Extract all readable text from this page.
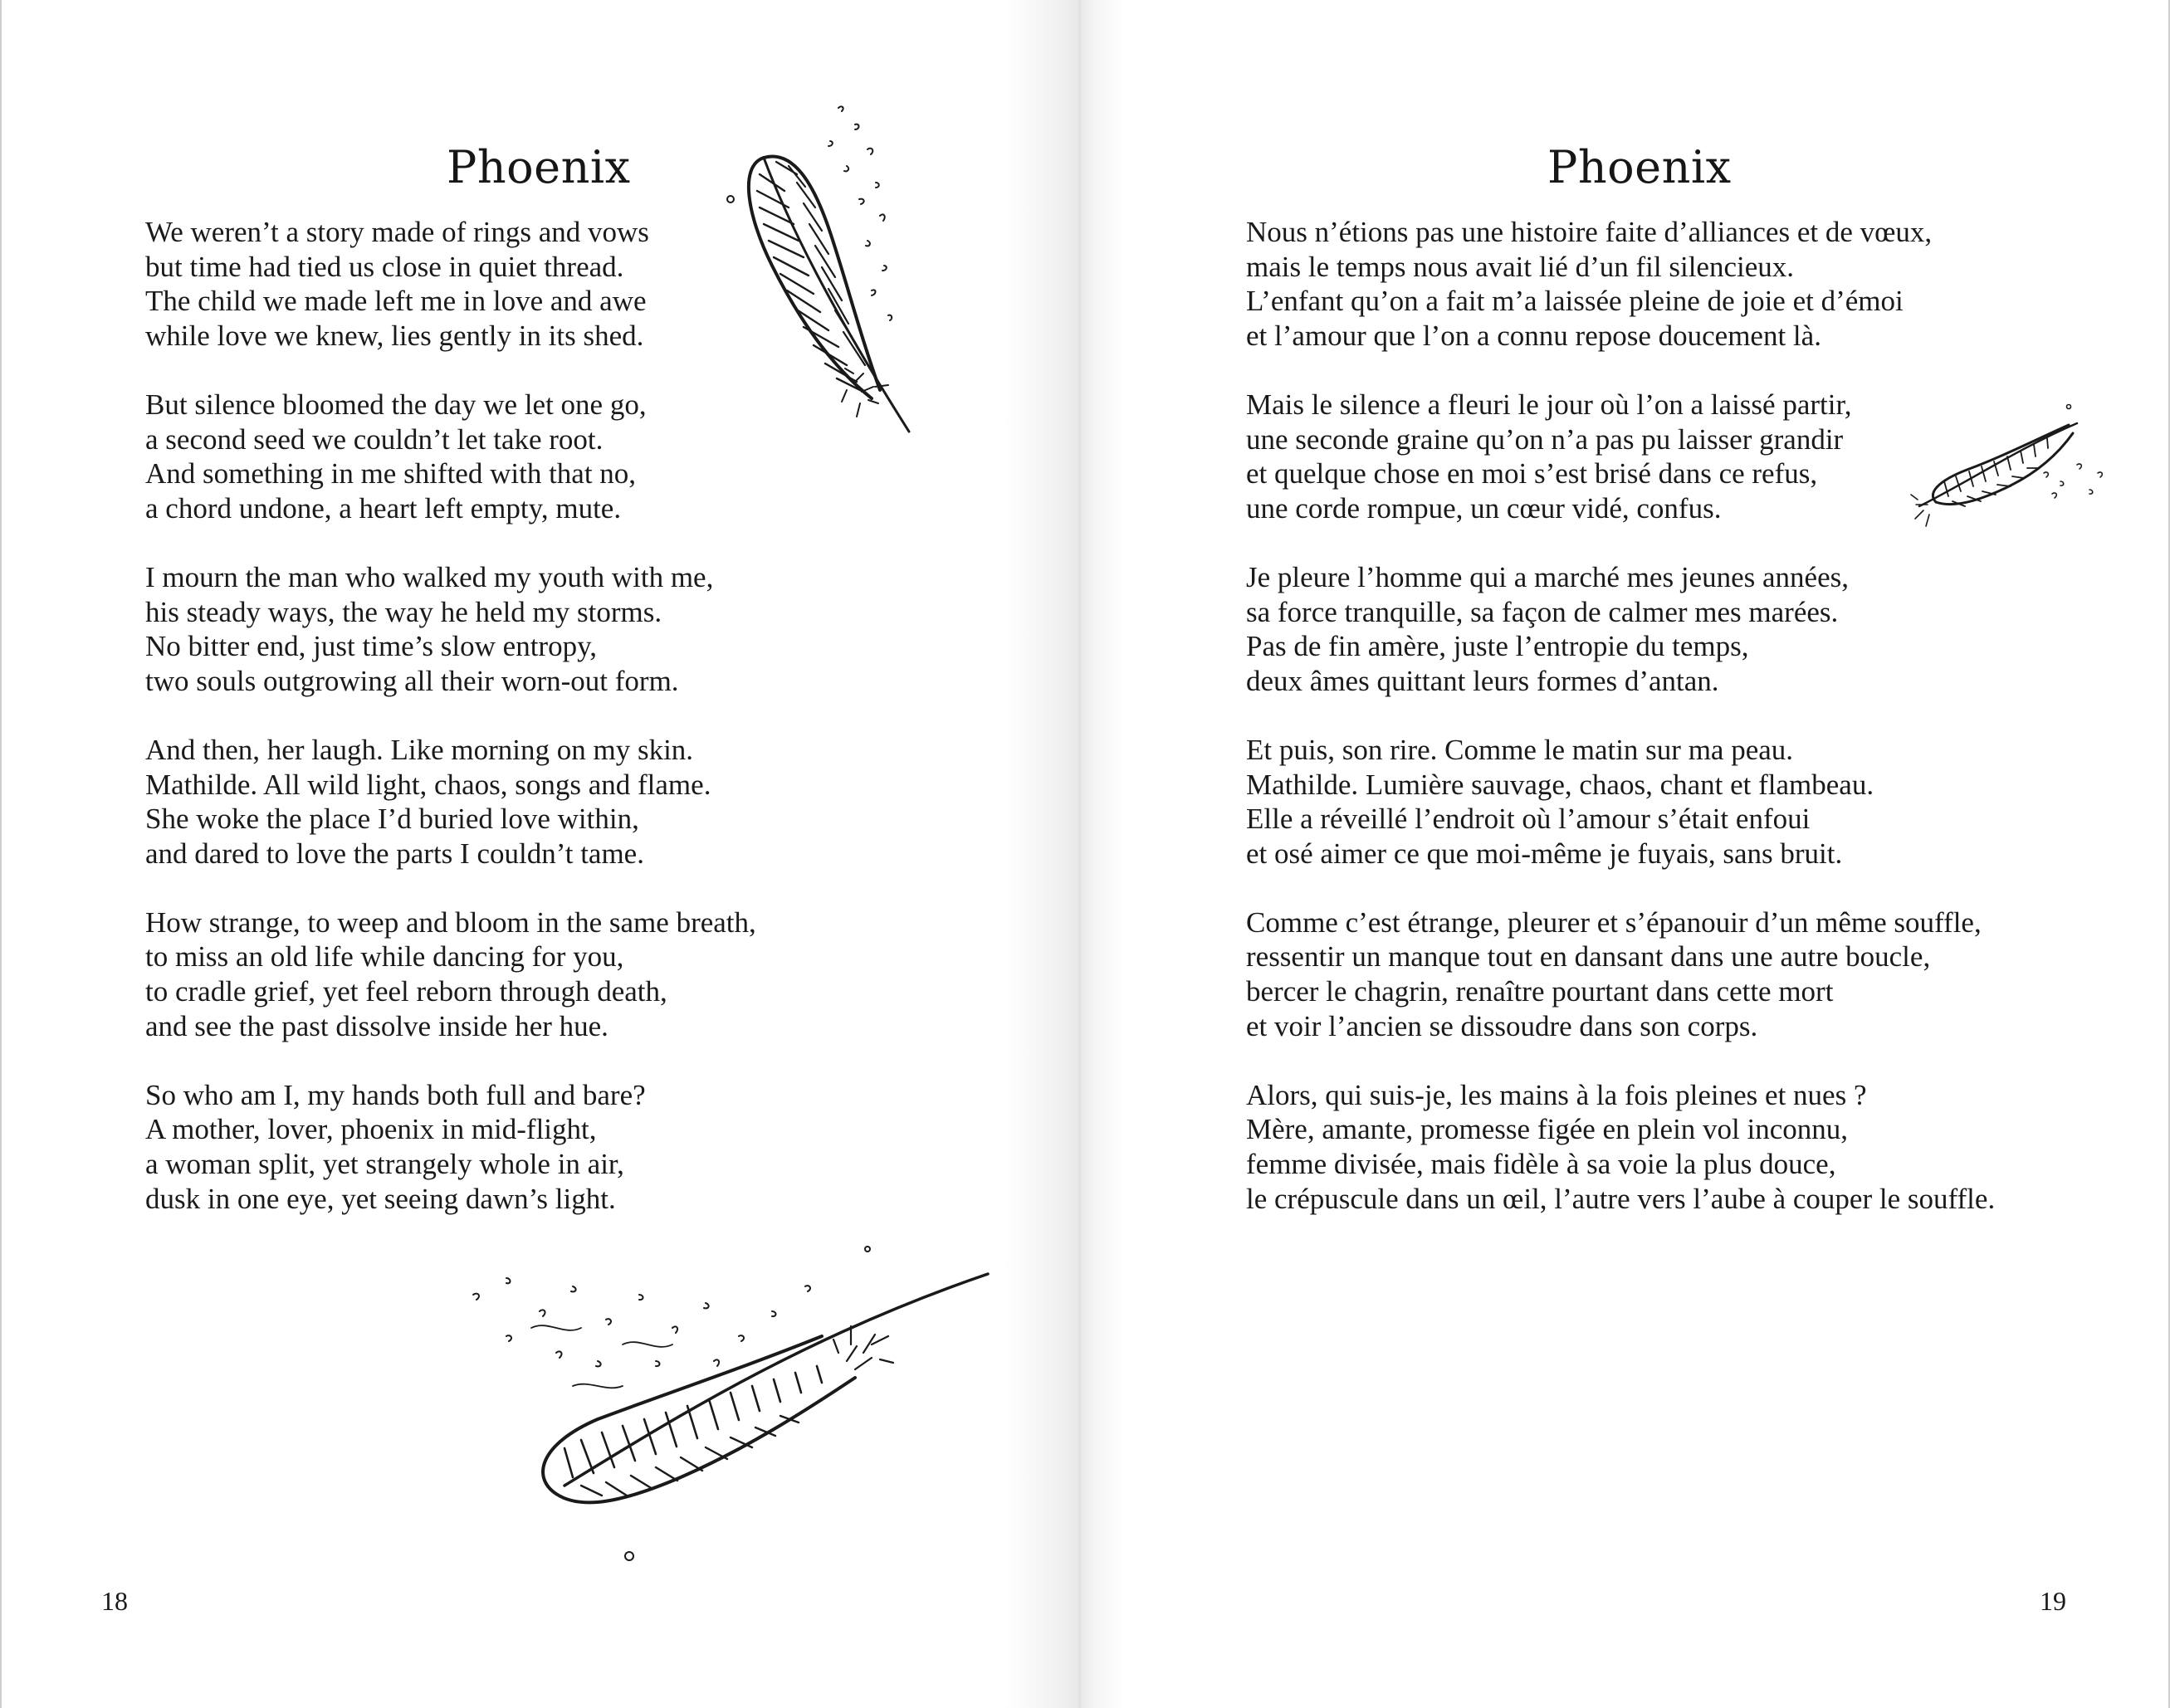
Phoenix
We weren’t a story made of rings and vows
but time had tied us close in quiet thread.
The child we made left me in love and awe
while love we knew, lies gently in its shed.
But silence bloomed the day we let one go,
a second seed we couldn’t let take root.
And something in me shifted with that no,
a chord undone, a heart left empty, mute.
I mourn the man who walked my youth with me,
his steady ways, the way he held my storms.
No bitter end, just time’s slow entropy,
two souls outgrowing all their worn-out form.
And then, her laugh. Like morning on my skin.
Mathilde. All wild light, chaos, songs and flame.
She woke the place I’d buried love within,
and dared to love the parts I couldn’t tame.
How strange, to weep and bloom in the same breath,
to miss an old life while dancing for you,
to cradle grief, yet feel reborn through death,
and see the past dissolve inside her hue.
So who am I, my hands both full and bare?
A mother, lover, phoenix in mid-flight,
a woman split, yet strangely whole in air,
dusk in one eye, yet seeing dawn’s light.
18
Phoenix
Nous n’étions pas une histoire faite d’alliances et de vœux,
mais le temps nous avait lié d’un fil silencieux.
L’enfant qu’on a fait m’a laissée pleine de joie et d’émoi
et l’amour que l’on a connu repose doucement là.
Mais le silence a fleuri le jour où l’on a laissé partir,
une seconde graine qu’on n’a pas pu laisser grandir
et quelque chose en moi s’est brisé dans ce refus,
une corde rompue, un cœur vidé, confus.
Je pleure l’homme qui a marché mes jeunes années,
sa force tranquille, sa façon de calmer mes marées.
Pas de fin amère, juste l’entropie du temps,
deux âmes quittant leurs formes d’antan.
Et puis, son rire. Comme le matin sur ma peau.
Mathilde. Lumière sauvage, chaos, chant et flambeau.
Elle a réveillé l’endroit où l’amour s’était enfoui
et osé aimer ce que moi-même je fuyais, sans bruit.
Comme c’est étrange, pleurer et s’épanouir d’un même souffle,
ressentir un manque tout en dansant dans une autre boucle,
bercer le chagrin, renaître pourtant dans cette mort
et voir l’ancien se dissoudre dans son corps.
Alors, qui suis-je, les mains à la fois pleines et nues ?
Mère, amante, promesse figée en plein vol inconnu,
femme divisée, mais fidèle à sa voie la plus douce,
le crépuscule dans un œil, l’autre vers l’aube à couper le souffle.
19
